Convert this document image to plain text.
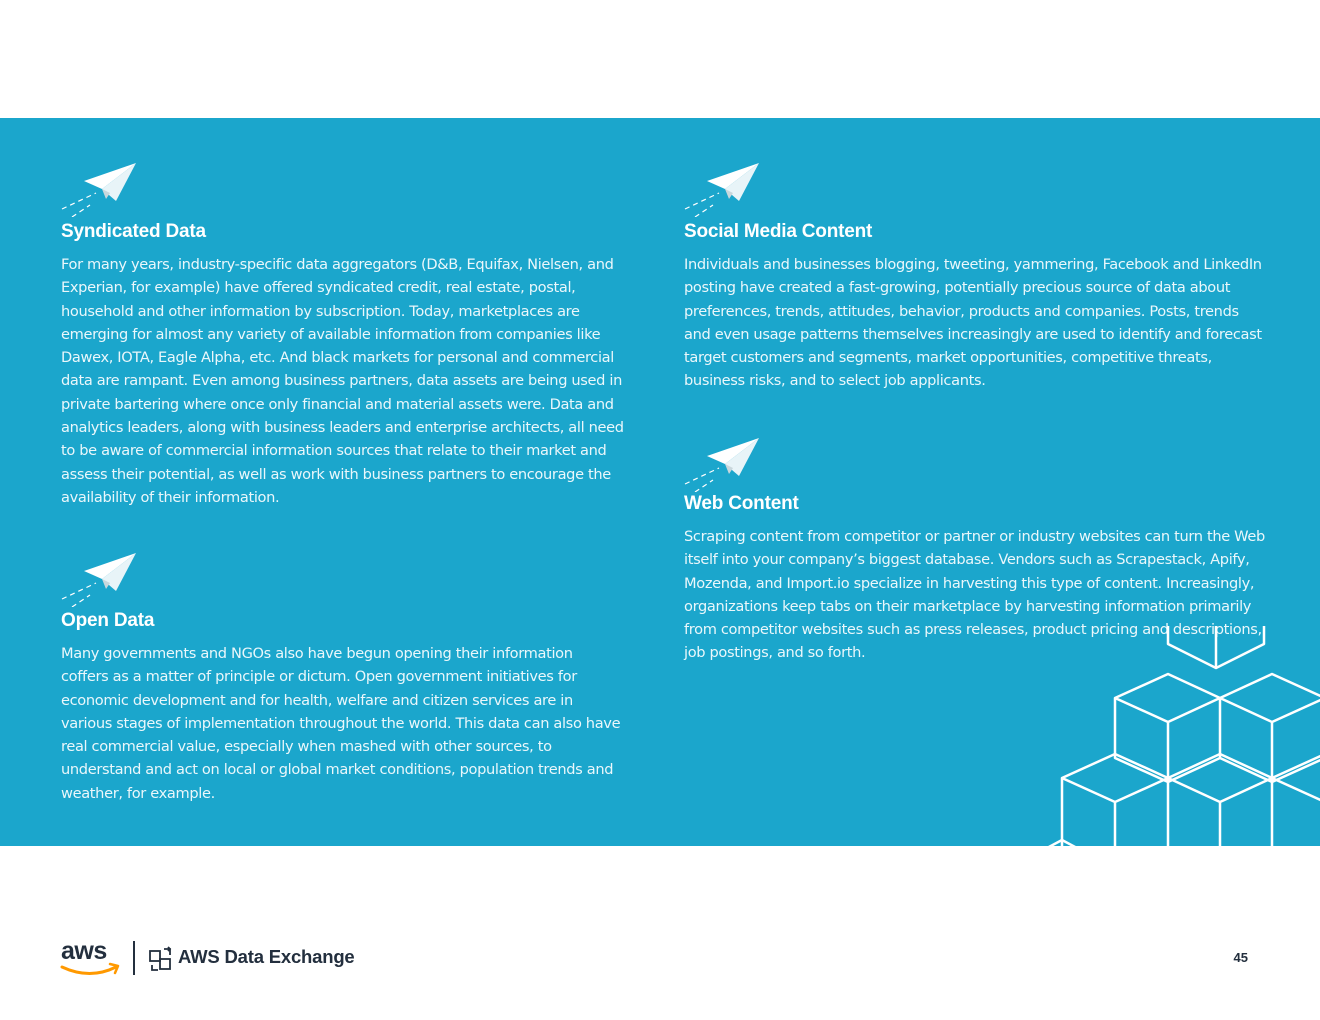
Syndicated Data

For many years, industry-specific data aggregators (D&B, Equifax, Nielsen, and Experian, for example) have offered syndicated credit, real estate, postal, household and other information by subscription. Today, marketplaces are emerging for almost any variety of available information from companies like Dawex, IOTA, Eagle Alpha, etc. And black markets for personal and commercial data are rampant. Even among business partners, data assets are being used in private bartering where once only financial and material assets were. Data and analytics leaders, along with business leaders and enterprise architects, all need to be aware of commercial information sources that relate to their market and assess their potential, as well as work with business partners to encourage the availability of their information.

Open Data

Many governments and NGOs also have begun opening their information coffers as a matter of principle or dictum. Open government initiatives for economic development and for health, welfare and citizen services are in various stages of implementation throughout the world. This data can also have real commercial value, especially when mashed with other sources, to understand and act on local or global market conditions, population trends and weather, for example.

Social Media Content

Individuals and businesses blogging, tweeting, yammering, Facebook and LinkedIn posting have created a fast-growing, potentially precious source of data about preferences, trends, attitudes, behavior, products and companies. Posts, trends and even usage patterns themselves increasingly are used to identify and forecast target customers and segments, market opportunities, competitive threats, business risks, and to select job applicants.

Web Content

Scraping content from competitor or partner or industry websites can turn the Web itself into your company’s biggest database. Vendors such as Scrapestack, Apify, Mozenda, and Import.io specialize in harvesting this type of content. Increasingly, organizations keep tabs on their marketplace by harvesting information primarily from competitor websites such as press releases, product pricing and descriptions, job postings, and so forth.

aws	AWS Data Exchange	45
